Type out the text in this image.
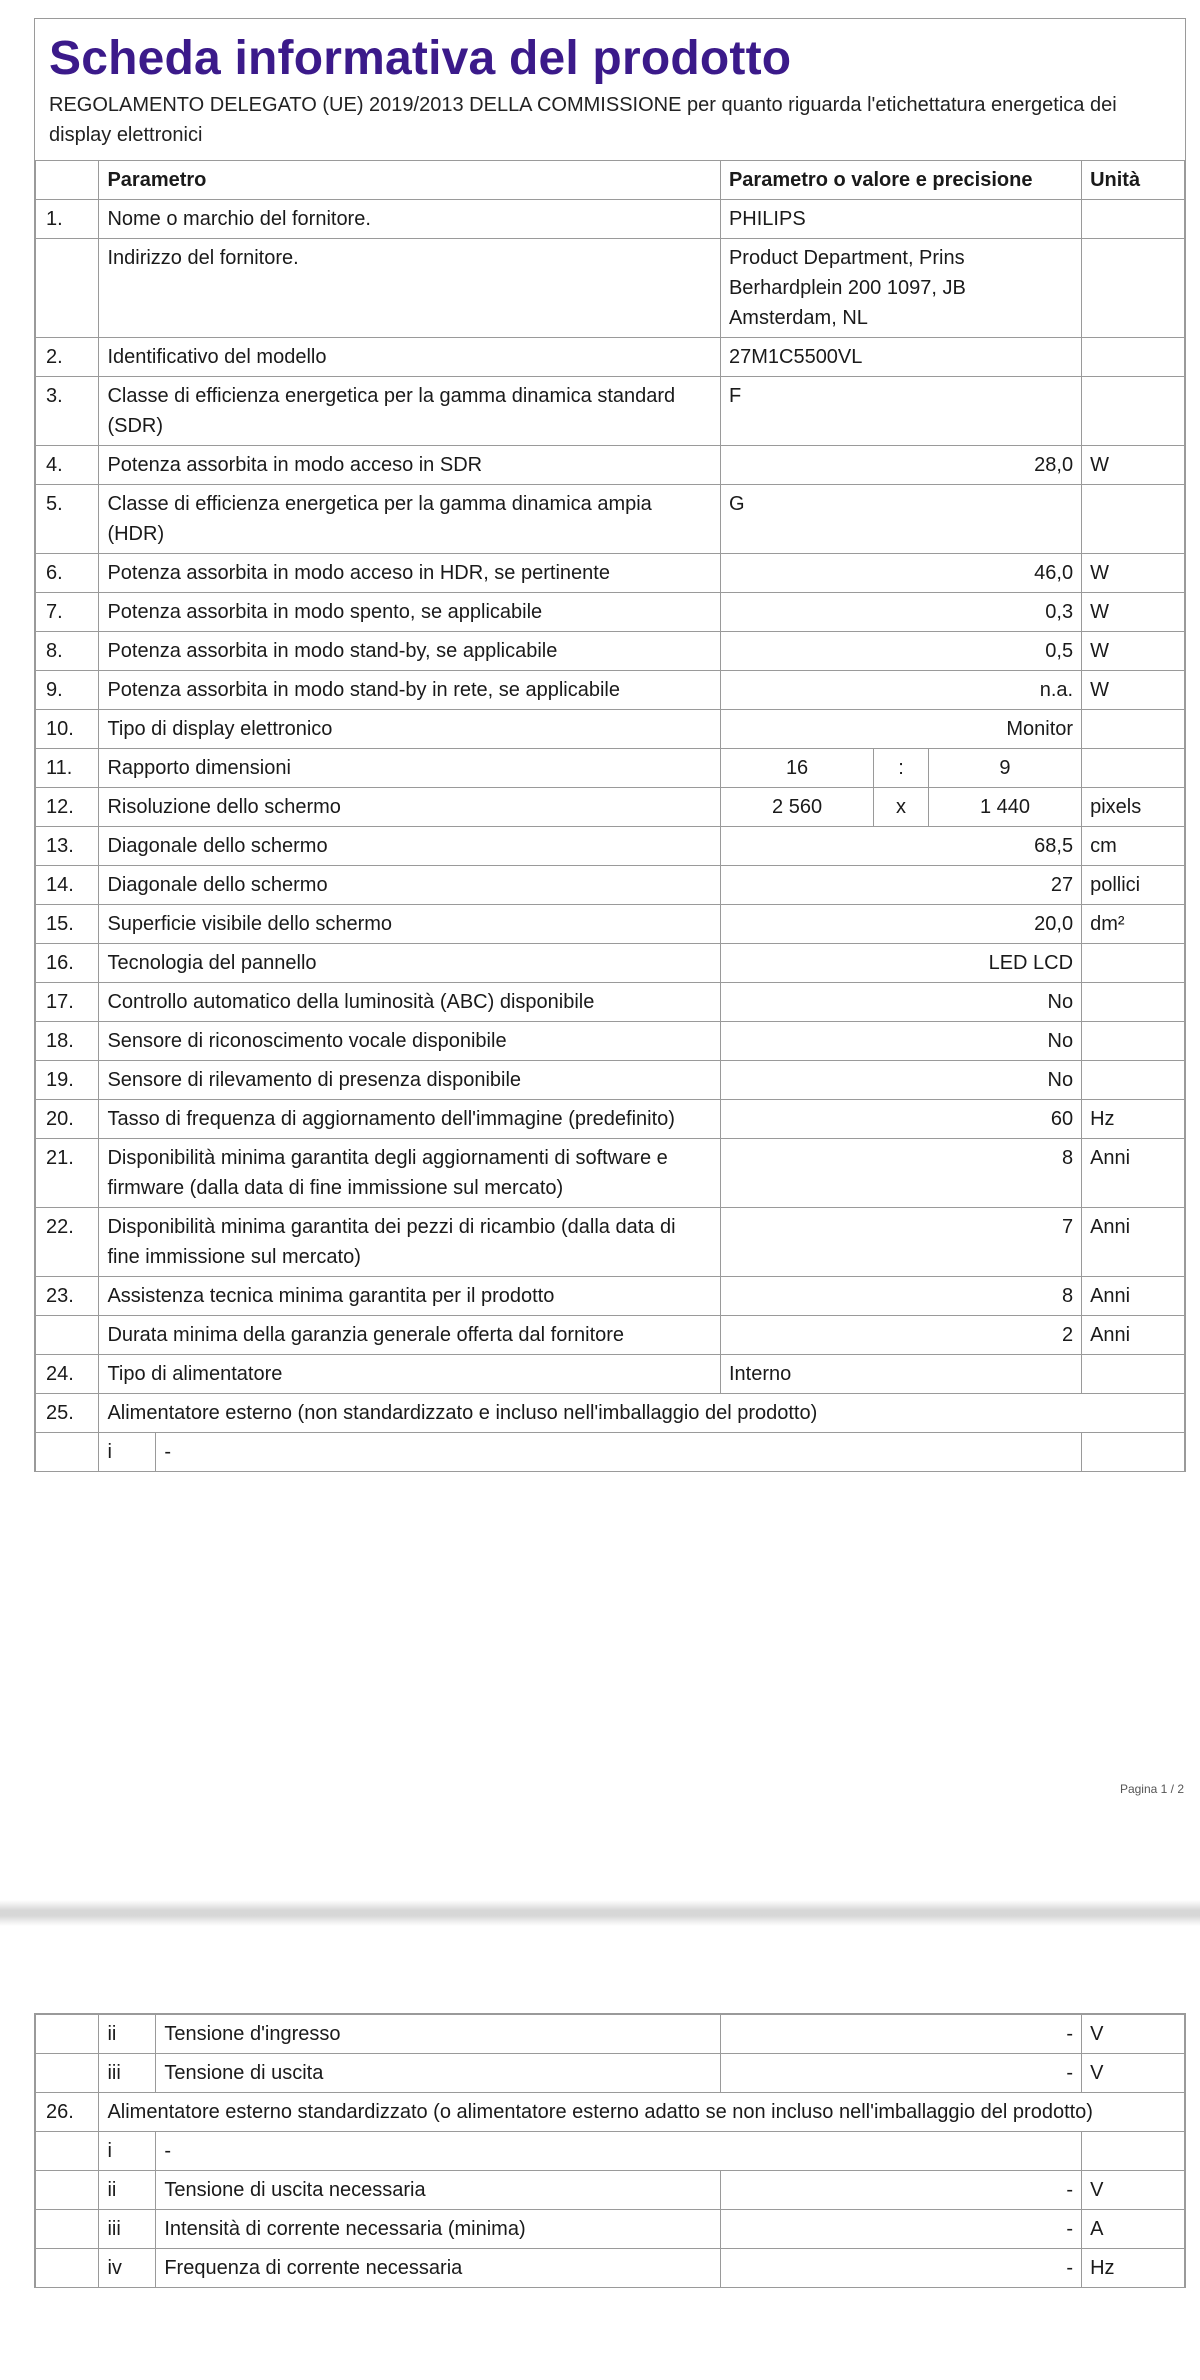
Scheda informativa del prodotto
REGOLAMENTO DELEGATO (UE) 2019/2013 DELLA COMMISSIONE per quanto riguarda l'etichettatura energetica dei display elettronici
	Parametro		Parametro o valore e precisione			Unità
1.	Nome o marchio del fornitore.		PHILIPS			
	Indirizzo del fornitore.		Product Department, Prins Berhardplein 200 1097, JB Amsterdam, NL			
2.	Identificativo del modello		27M1C5500VL			
3.	Classe di efficienza energetica per la gamma dinamica standard (SDR)		F			
4.	Potenza assorbita in modo acceso in SDR		28,0			W
5.	Classe di efficienza energetica per la gamma dinamica ampia (HDR)		G			
6.	Potenza assorbita in modo acceso in HDR, se pertinente		46,0			W
7.	Potenza assorbita in modo spento, se applicabile		0,3			W
8.	Potenza assorbita in modo stand-by, se applicabile		0,5			W
9.	Potenza assorbita in modo stand-by in rete, se applicabile		n.a.			W
10.	Tipo di display elettronico		Monitor			
11.	Rapporto dimensioni		16	:	9	
12.	Risoluzione dello schermo		2 560	x	1 440	pixels
13.	Diagonale dello schermo		68,5			cm
14.	Diagonale dello schermo		27			pollici
15.	Superficie visibile dello schermo		20,0			dm²
16.	Tecnologia del pannello		LED LCD			
17.	Controllo automatico della luminosità (ABC) disponibile		No			
18.	Sensore di riconoscimento vocale disponibile		No			
19.	Sensore di rilevamento di presenza disponibile		No			
20.	Tasso di frequenza di aggiornamento dell'immagine (predefinito)		60			Hz
21.	Disponibilità minima garantita degli aggiornamenti di software e firmware (dalla data di fine immissione sul mercato)		8			Anni
22.	Disponibilità minima garantita dei pezzi di ricambio (dalla data di fine immissione sul mercato)		7			Anni
23.	Assistenza tecnica minima garantita per il prodotto		8			Anni
	Durata minima della garanzia generale offerta dal fornitore		2			Anni
24.	Tipo di alimentatore		Interno			
25.	Alimentatore esterno (non standardizzato e incluso nell'imballaggio del prodotto)					
	i	-				
Pagina 1 / 2
	ii	Tensione d'ingresso	-	V
	iii	Tensione di uscita	-	V
26.	Alimentatore esterno standardizzato (o alimentatore esterno adatto se non incluso nell'imballaggio del prodotto)			
	i	-		
	ii	Tensione di uscita necessaria	-	V
	iii	Intensità di corrente necessaria (minima)	-	A
	iv	Frequenza di corrente necessaria	-	Hz
